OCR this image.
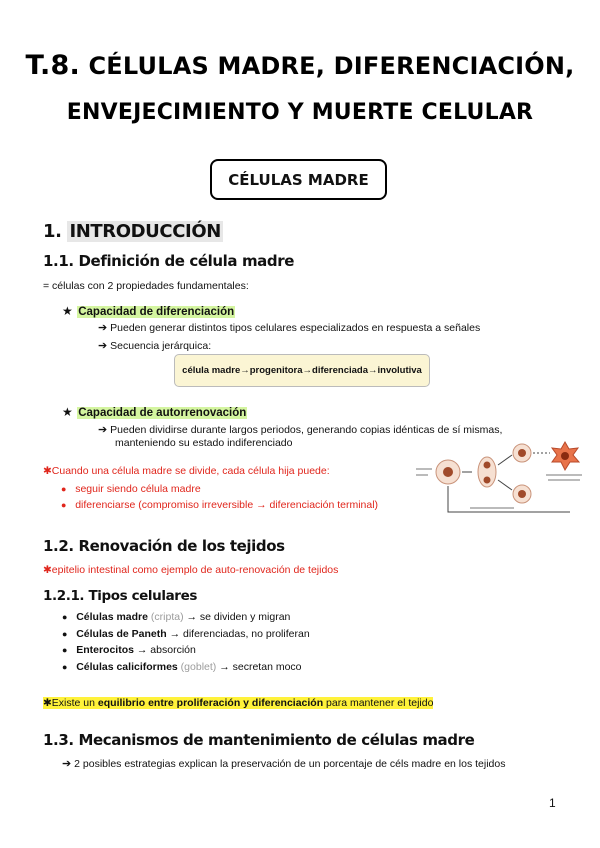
T.8. CÉLULAS MADRE, DIFERENCIACIÓN,
ENVEJECIMIENTO Y MUERTE CELULAR
CÉLULAS MADRE
1. INTRODUCCIÓN
1.1. Definición de célula madre
= células con 2 propiedades fundamentales:
★ Capacidad de diferenciación
➔ Pueden generar distintos tipos celulares especializados en respuesta a señales
➔ Secuencia jerárquica:
célula madre → progenitora → diferenciada → involutiva
★ Capacidad de autorrenovación
➔ Pueden dividirse durante largos periodos, generando copias idénticas de sí mismas,
manteniendo su estado indiferenciado
✱Cuando una célula madre se divide, cada célula hija puede:
● seguir siendo célula madre
● diferenciarse (compromiso irreversible → diferenciación terminal)
1.2. Renovación de los tejidos
✱epitelio intestinal como ejemplo de auto-renovación de tejidos
1.2.1. Tipos celulares
● Células madre (cripta) → se dividen y migran
● Células de Paneth → diferenciadas, no proliferan
● Enterocitos → absorción
● Células caliciformes (goblet) → secretan moco
✱Existe un equilibrio entre proliferación y diferenciación para mantener el tejido
1.3. Mecanismos de mantenimiento de células madre
➔ 2 posibles estrategias explican la preservación de un porcentaje de céls madre en los tejidos
1
